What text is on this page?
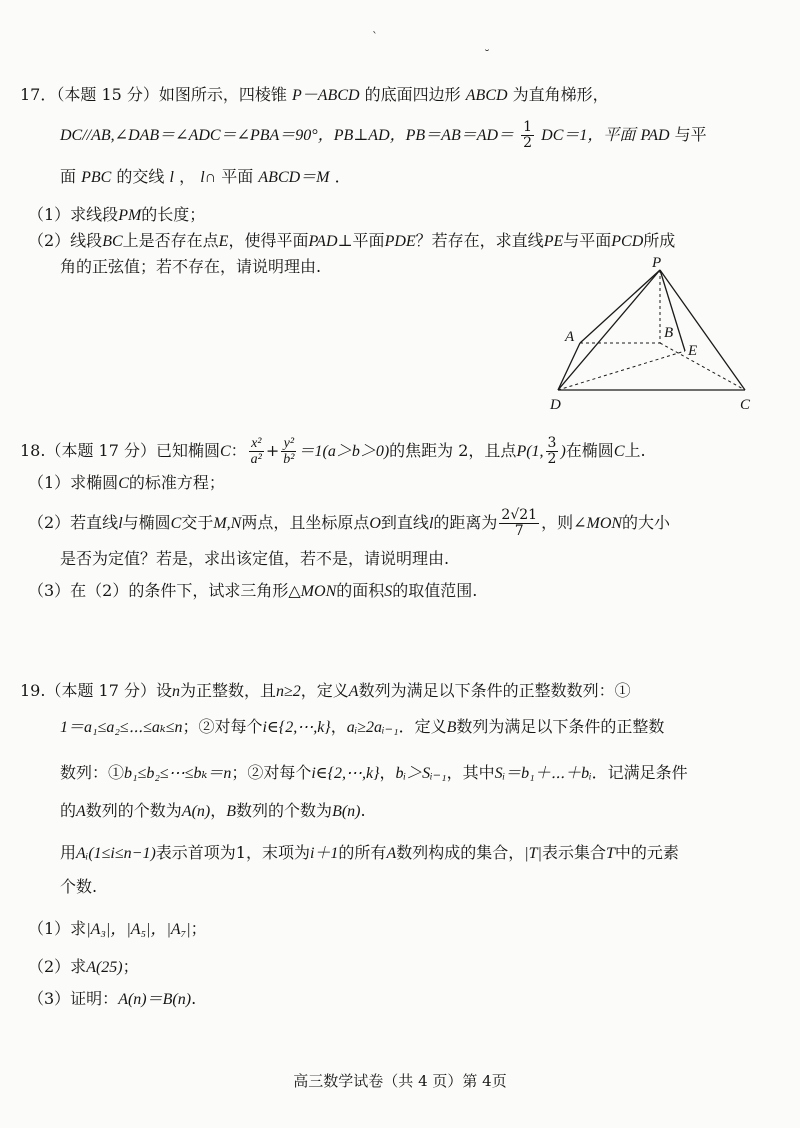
`
˘
17．（本题 15 分）如图所示，四棱锥 P－ABCD 的底面四边形 ABCD 为直角梯形，
DC//AB,∠DAB＝∠ADC＝∠PBA＝90°，PB⊥AD，$PB=AB=AD= \frac{1}{2} DC=1$，平面 PAD 与平
面 PBC 的交线 l ， l∩ 平面 ABCD＝M ．
（1）求线段PM的长度；
（2）线段BC上是否存在点E，使得平面PAD⊥平面PDE？若存在，求直线PE与平面PCD所成
角的正弦值；若不存在，请说明理由.	P
A	B
E
D	C
18.（本题 17 分）已知椭圆C： $\frac{\text{x²}}{\text{a²}} + \frac{\text{y²}}{\text{b²}} =1(a>b>0)$的焦距为 2，且点P(1, $\frac{3}{2}$ )在椭圆C上.
（1）求椭圆C的标准方程；
（2）若直线l与椭圆C交于M,N两点，且坐标原点O到直线l的距离为 $\frac{2√21}{7}$ ，则∠MON的大小
是否为定值？若是，求出该定值，若不是，请说明理由.
（3）在（2）的条件下，试求三角形△MON的面积S的取值范围.
19.（本题 17 分）设n为正整数，且n≥2，定义A数列为满足以下条件的正整数数列：①
1＝a₁≤a₂≤⋯≤aₖ≤n；②对每个i∈{2,⋯,k}，aᵢ≥2aᵢ₋₁．定义B数列为满足以下条件的正整数
数列：①b₁≤b₂≤⋯≤bₖ＝n；②对每个i∈{2,⋯,k}，bᵢ＞Sᵢ₋₁，其中Sᵢ＝b₁＋⋯＋bᵢ．记满足条件
的A数列的个数为A(n)，B数列的个数为B(n).
用Aᵢ(1≤i≤n−1)表示首项为1，末项为i＋1的所有A数列构成的集合，|T|表示集合T中的元素
个数.
（1）求|A₃|，|A₅|，|A₇|；
（2）求A(25)；
（3）证明：A(n)＝B(n).
高三数学试卷（共 4 页）第 4页
